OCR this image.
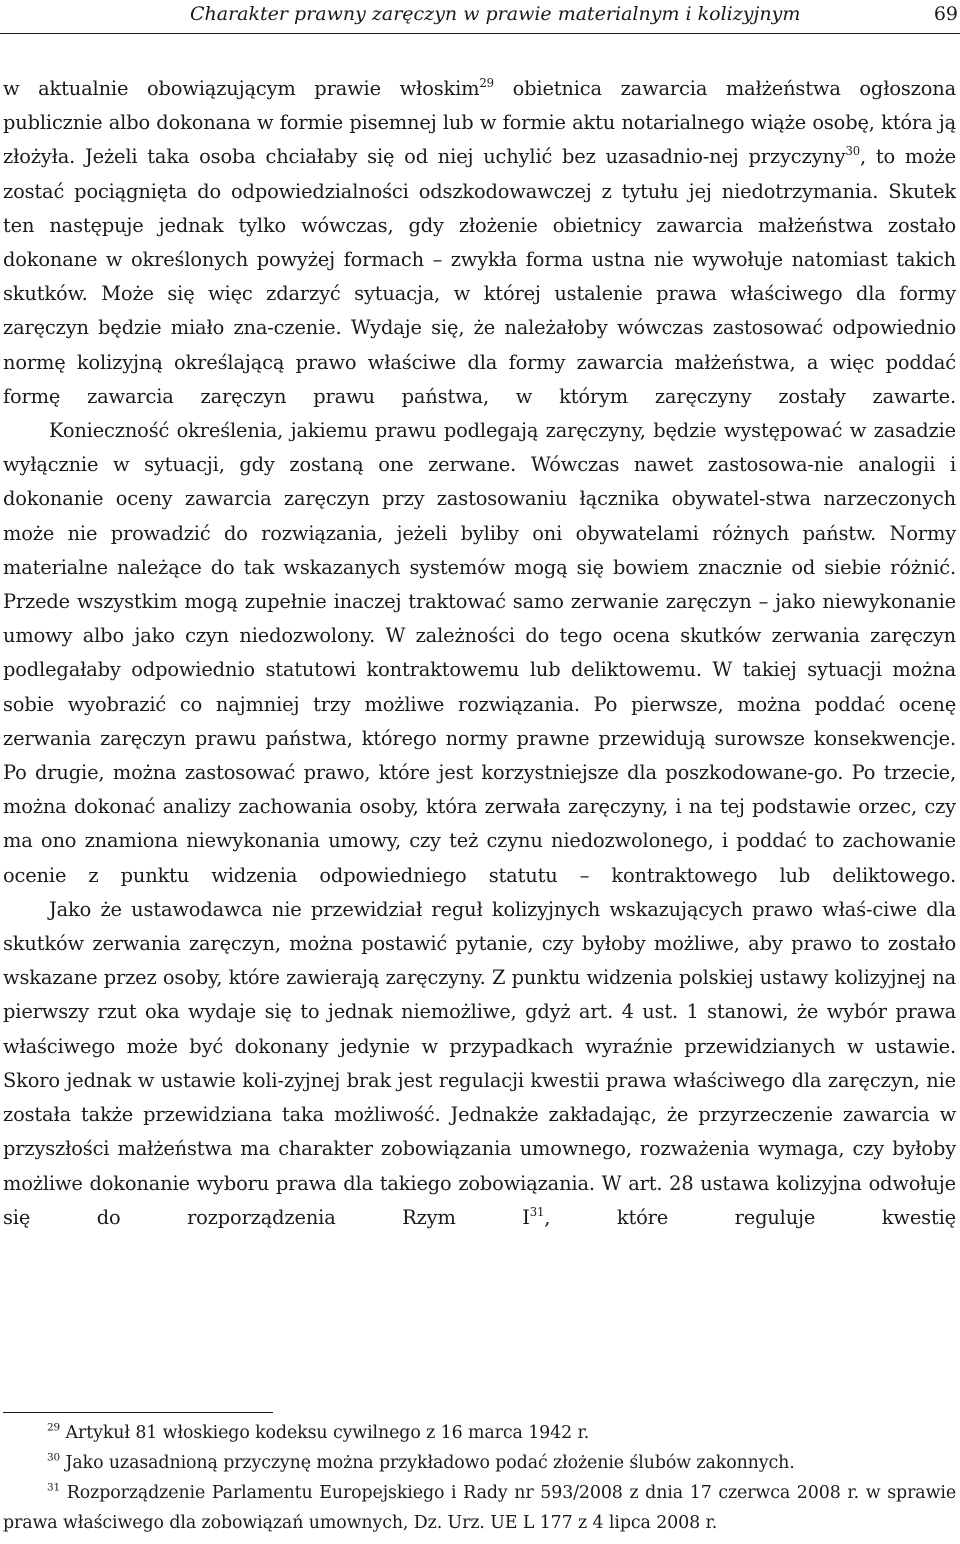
Charakter prawny zaręczyn w prawie materialnym i kolizyjnym	69

w aktualnie obowiązującym prawie włoskim$^{29}$ obietnica zawarcia małżeństwa ogłoszona publicznie albo dokonana w formie pisemnej lub w formie aktu notarialnego wiąże osobę, która ją złożyła. Jeżeli taka osoba chciałaby się od niej uchylić bez uzasadnio-nej przyczyny$^{30}$, to może zostać pociągnięta do odpowiedzialności odszkodowawczej z tytułu jej niedotrzymania. Skutek ten następuje jednak tylko wówczas, gdy złożenie obietnicy zawarcia małżeństwa zostało dokonane w określonych powyżej formach – zwykła forma ustna nie wywołuje natomiast takich skutków. Może się więc zdarzyć sytuacja, w której ustalenie prawa właściwego dla formy zaręczyn będzie miało zna-czenie. Wydaje się, że należałoby wówczas zastosować odpowiednio normę kolizyjną określającą prawo właściwe dla formy zawarcia małżeństwa, a więc poddać formę zawarcia zaręczyn prawu państwa, w którym zaręczyny zostały zawarte.

Konieczność określenia, jakiemu prawu podlegają zaręczyny, będzie występować w zasadzie wyłącznie w sytuacji, gdy zostaną one zerwane. Wówczas nawet zastosowa-nie analogii i dokonanie oceny zawarcia zaręczyn przy zastosowaniu łącznika obywatel-stwa narzeczonych może nie prowadzić do rozwiązania, jeżeli byliby oni obywatelami różnych państw. Normy materialne należące do tak wskazanych systemów mogą się bowiem znacznie od siebie różnić. Przede wszystkim mogą zupełnie inaczej traktować samo zerwanie zaręczyn – jako niewykonanie umowy albo jako czyn niedozwolony. W zależności do tego ocena skutków zerwania zaręczyn podlegałaby odpowiednio statutowi kontraktowemu lub deliktowemu. W takiej sytuacji można sobie wyobrazić co najmniej trzy możliwe rozwiązania. Po pierwsze, można poddać ocenę zerwania zaręczyn prawu państwa, którego normy prawne przewidują surowsze konsekwencje. Po drugie, można zastosować prawo, które jest korzystniejsze dla poszkodowane-go. Po trzecie, można dokonać analizy zachowania osoby, która zerwała zaręczyny, i na tej podstawie orzec, czy ma ono znamiona niewykonania umowy, czy też czynu niedozwolonego, i poddać to zachowanie ocenie z punktu widzenia odpowiedniego statutu – kontraktowego lub deliktowego.

Jako że ustawodawca nie przewidział reguł kolizyjnych wskazujących prawo właś-ciwe dla skutków zerwania zaręczyn, można postawić pytanie, czy byłoby możliwe, aby prawo to zostało wskazane przez osoby, które zawierają zaręczyny. Z punktu widzenia polskiej ustawy kolizyjnej na pierwszy rzut oka wydaje się to jednak niemożliwe, gdyż art. 4 ust. 1 stanowi, że wybór prawa właściwego może być dokonany jedynie w przypadkach wyraźnie przewidzianych w ustawie. Skoro jednak w ustawie koli-zyjnej brak jest regulacji kwestii prawa właściwego dla zaręczyn, nie została także przewidziana taka możliwość. Jednakże zakładając, że przyrzeczenie zawarcia w przyszłości małżeństwa ma charakter zobowiązania umownego, rozważenia wymaga, czy byłoby możliwe dokonanie wyboru prawa dla takiego zobowiązania. W art. 28 ustawa kolizyjna odwołuje się do rozporządzenia Rzym $I^{31}$, które reguluje kwestię

$^{29}$ Artykuł 81 włoskiego kodeksu cywilnego z 16 marca 1942 r.

$^{30}$ Jako uzasadnioną przyczynę można przykładowo podać złożenie ślubów zakonnych.

$^{31}$ Rozporządzenie Parlamentu Europejskiego i Rady nr 593/2008 z dnia 17 czerwca 2008 r. w sprawie prawa właściwego dla zobowiązań umownych, Dz. Urz. UE L 177 z 4 lipca 2008 r.
